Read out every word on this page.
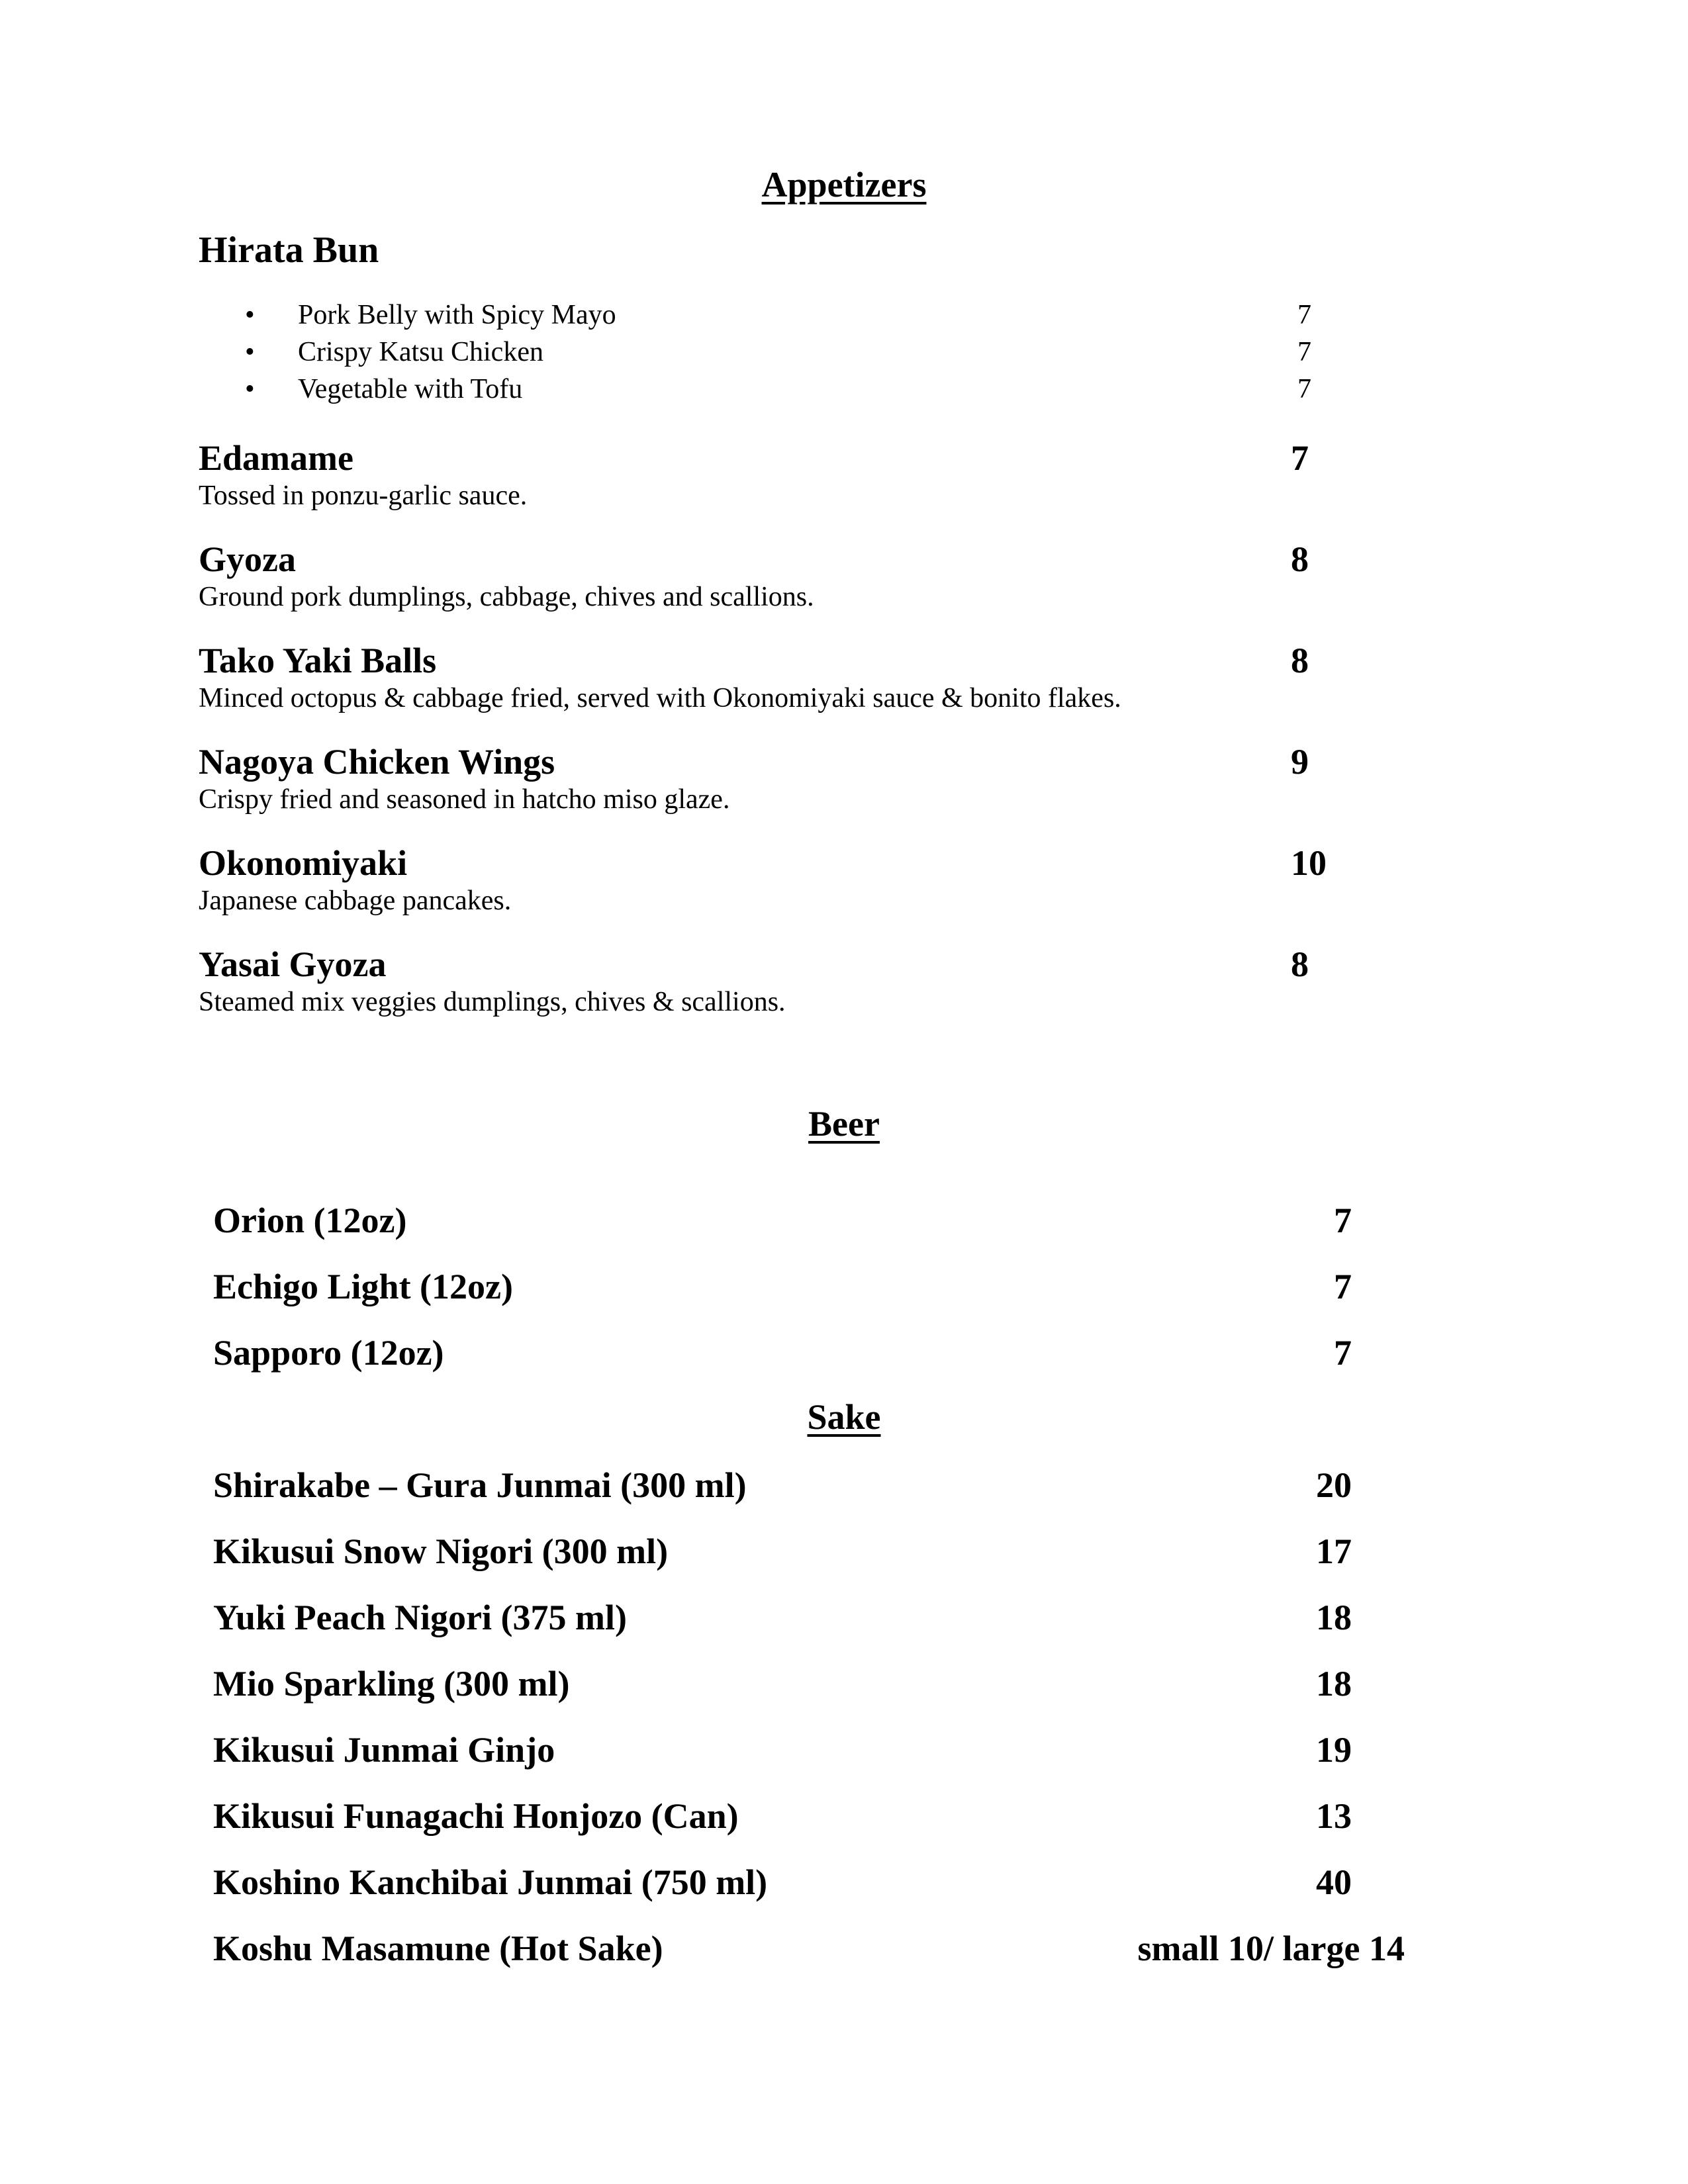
Appetizers
Hirata Bun
• Pork Belly with Spicy Mayo	7
• Crispy Katsu Chicken	7
• Vegetable with Tofu	7
Edamame	7
Tossed in ponzu-garlic sauce.
Gyoza	8
Ground pork dumplings, cabbage, chives and scallions.
Tako Yaki Balls	8
Minced octopus & cabbage fried, served with Okonomiyaki sauce & bonito flakes.
Nagoya Chicken Wings	9
Crispy fried and seasoned in hatcho miso glaze.
Okonomiyaki	10
Japanese cabbage pancakes.
Yasai Gyoza	8
Steamed mix veggies dumplings, chives & scallions.
Beer
Orion (12oz)	7
Echigo Light (12oz)	7
Sapporo (12oz)	7
Sake
Shirakabe – Gura Junmai (300 ml)	20
Kikusui Snow Nigori (300 ml)	17
Yuki Peach Nigori (375 ml)	18
Mio Sparkling (300 ml)	18
Kikusui Junmai Ginjo	19
Kikusui Funagachi Honjozo (Can)	13
Koshino Kanchibai Junmai (750 ml)	40
Koshu Masamune (Hot Sake)	small 10/ large 14
